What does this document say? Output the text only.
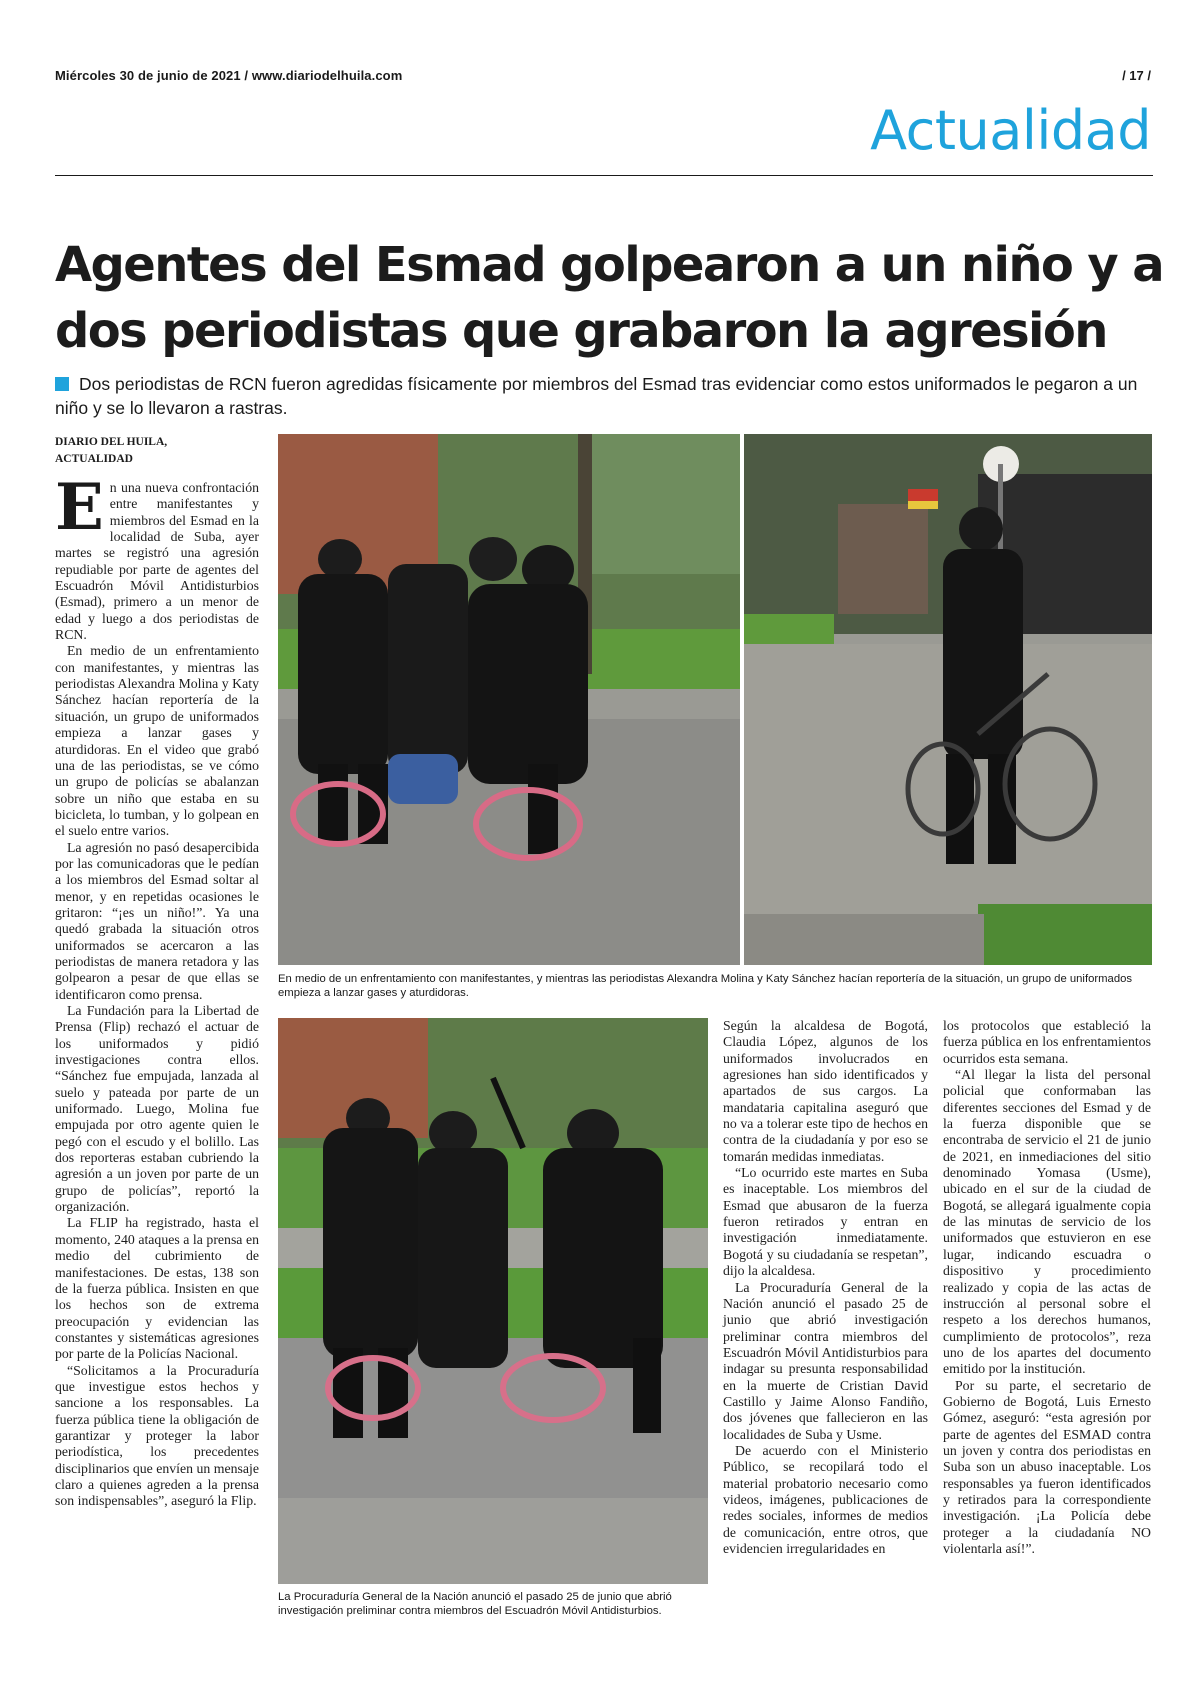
Miércoles 30 de junio de 2021 / www.diariodelhuila.com	/ 17 /
Actualidad
Agentes del Esmad golpearon a un niño y a dos periodistas que grabaron la agresión
Dos periodistas de RCN fueron agredidas físicamente por miembros del Esmad tras evidenciar como estos uniformados le pegaron a un niño y se lo llevaron a rastras.
DIARIO DEL HUILA, ACTUALIDAD

En una nueva confrontación entre manifestantes y miembros del Esmad en la localidad de Suba, ayer martes se registró una agresión repudiable por parte de agentes del Escuadrón Móvil Antidisturbios (Esmad), primero a un menor de edad y luego a dos periodistas de RCN.

En medio de un enfrentamiento con manifestantes, y mientras las periodistas Alexandra Molina y Katy Sánchez hacían reportería de la situación, un grupo de uniformados empieza a lanzar gases y aturdidoras. En el video que grabó una de las periodistas, se ve cómo un grupo de policías se abalanzan sobre un niño que estaba en su bicicleta, lo tumban, y lo golpean en el suelo entre varios.

La agresión no pasó desapercibida por las comunicadoras que le pedían a los miembros del Esmad soltar al menor, y en repetidas ocasiones le gritaron: “¡es un niño!”. Ya una quedó grabada la situación otros uniformados se acercaron a las periodistas de manera retadora y las golpearon a pesar de que ellas se identificaron como prensa.

La Fundación para la Libertad de Prensa (Flip) rechazó el actuar de los uniformados y pidió investigaciones contra ellos. “Sánchez fue empujada, lanzada al suelo y pateada por parte de un uniformado. Luego, Molina fue empujada por otro agente quien le pegó con el escudo y el bolillo. Las dos reporteras estaban cubriendo la agresión a un joven por parte de un grupo de policías”, reportó la organización.

La FLIP ha registrado, hasta el momento, 240 ataques a la prensa en medio del cubrimiento de manifestaciones. De estas, 138 son de la fuerza pública. Insisten en que los hechos son de extrema preocupación y evidencian las constantes y sistemáticas agresiones por parte de la Policías Nacional.

“Solicitamos a la Procuraduría que investigue estos hechos y sancione a los responsables. La fuerza pública tiene la obligación de garantizar y proteger la labor periodística, los precedentes disciplinarios que envíen un mensaje claro a quienes agreden a la prensa son indispensables”, aseguró la Flip.

En medio de un enfrentamiento con manifestantes, y mientras las periodistas Alexandra Molina y Katy Sánchez hacían reportería de la situación, un grupo de uniformados empieza a lanzar gases y aturdidoras.
La Procuraduría General de la Nación anunció el pasado 25 de junio que abrió investigación preliminar contra miembros del Escuadrón Móvil Antidisturbios.

Según la alcaldesa de Bogotá, Claudia López, algunos de los uniformados involucrados en agresiones han sido identificados y apartados de sus cargos. La mandataria capitalina aseguró que no va a tolerar este tipo de hechos en contra de la ciudadanía y por eso se tomarán medidas inmediatas.

“Lo ocurrido este martes en Suba es inaceptable. Los miembros del Esmad que abusaron de la fuerza fueron retirados y entran en investigación inmediatamente. Bogotá y su ciudadanía se respetan”, dijo la alcaldesa.

La Procuraduría General de la Nación anunció el pasado 25 de junio que abrió investigación preliminar contra miembros del Escuadrón Móvil Antidisturbios para indagar su presunta responsabilidad en la muerte de Cristian David Castillo y Jaime Alonso Fandiño, dos jóvenes que fallecieron en las localidades de Suba y Usme.

De acuerdo con el Ministerio Público, se recopilará todo el material probatorio necesario como videos, imágenes, publicaciones de redes sociales, informes de medios de comunicación, entre otros, que evidencien irregularidades en

los protocolos que estableció la fuerza pública en los enfrentamientos ocurridos esta semana.

“Al llegar la lista del personal policial que conformaban las diferentes secciones del Esmad y de la fuerza disponible que se encontraba de servicio el 21 de junio de 2021, en inmediaciones del sitio denominado Yomasa (Usme), ubicado en el sur de la ciudad de Bogotá, se allegará igualmente copia de las minutas de servicio de los uniformados que estuvieron en ese lugar, indicando escuadra o dispositivo y procedimiento realizado y copia de las actas de instrucción al personal sobre el respeto a los derechos humanos, cumplimiento de protocolos”, reza uno de los apartes del documento emitido por la institución.

Por su parte, el secretario de Gobierno de Bogotá, Luis Ernesto Gómez, aseguró: “esta agresión por parte de agentes del ESMAD contra un joven y contra dos periodistas en Suba son un abuso inaceptable. Los responsables ya fueron identificados y retirados para la correspondiente investigación. ¡La Policía debe proteger a la ciudadanía NO violentarla así!”.
